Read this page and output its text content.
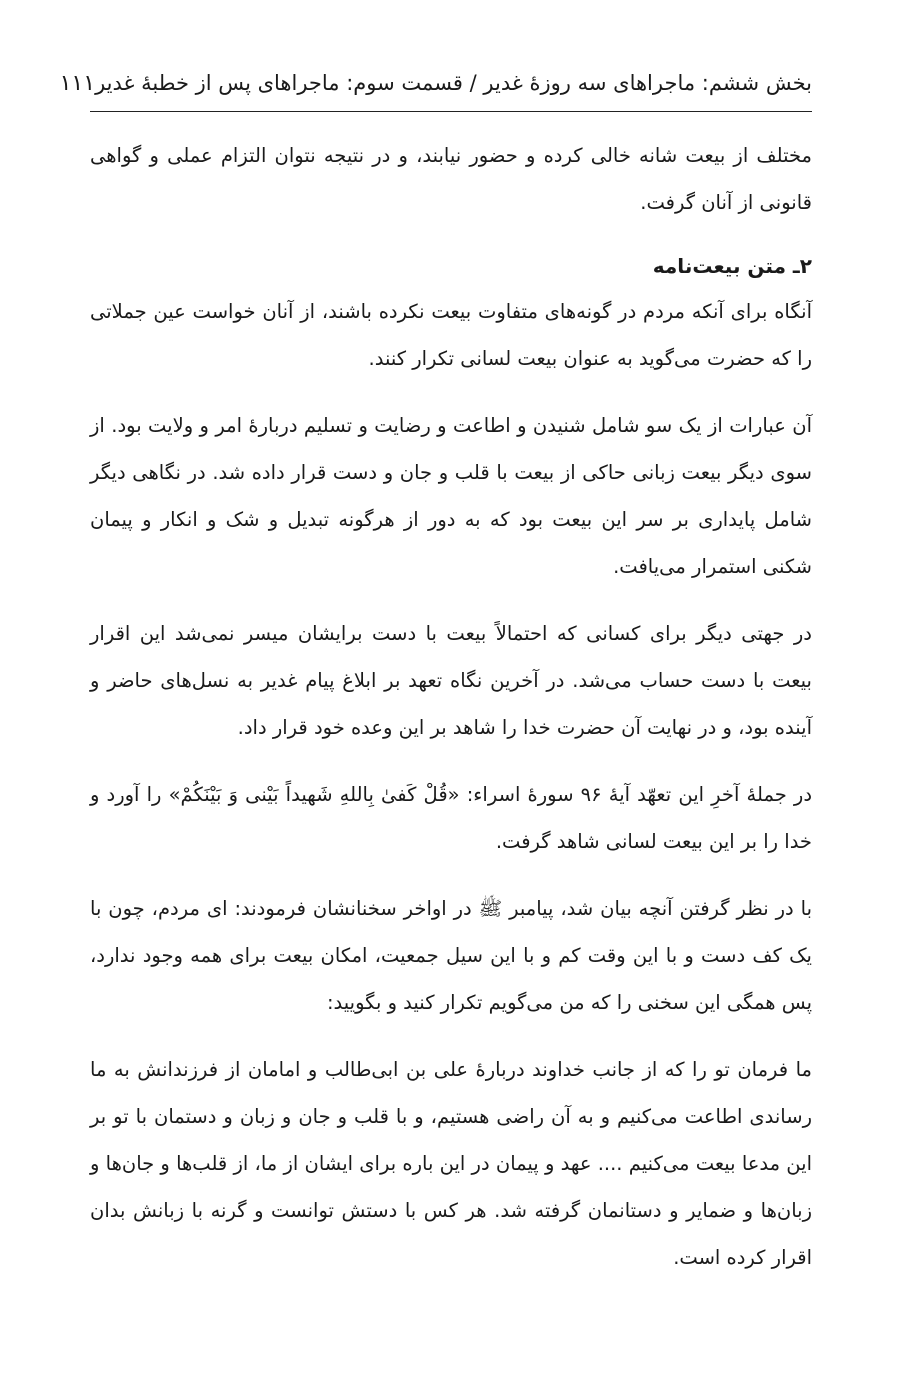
بخش ششم: ماجراهای سه روزهٔ غدیر / قسمت سوم: ماجراهای پس از خطبهٔ غدیر
۱۱۱

مختلف از بیعت شانه خالی کرده و حضور نیابند، و در نتیجه نتوان التزام عملی و گواهی قانونی از آنان گرفت.

۲ـ متن بیعت‌نامه

آنگاه برای آنکه مردم در گونه‌های متفاوت بیعت نکرده باشند، از آنان خواست عین جملاتی را که حضرت می‌گوید به عنوان بیعت لسانی تکرار کنند.

آن عبارات از یک سو شامل شنیدن و اطاعت و رضایت و تسلیم دربارهٔ امر و ولایت بود. از سوی دیگر بیعت زبانی حاکی از بیعت با قلب و جان و دست قرار داده شد. در نگاهی دیگر شامل پایداری بر سر این بیعت بود که به دور از هرگونه تبدیل و شک و انکار و پیمان شکنی استمرار می‌یافت.

در جهتی دیگر برای کسانی که احتمالاً بیعت با دست برایشان میسر نمی‌شد این اقرار بیعت با دست حساب می‌شد. در آخرین نگاه تعهد بر ابلاغ پیام غدیر به نسل‌های حاضر و آینده بود، و در نهایت آن حضرت خدا را شاهد بر این وعده خود قرار داد.

در جملهٔ آخرِ این تعهّد آیهٔ ۹۶ سورهٔ اسراء: «قُلْ كَفىٰ بِاللهِ شَهيداً بَيْنى وَ بَيْنَكُمْ» را آورد و خدا را بر این بیعت لسانی شاهد گرفت.

با در نظر گرفتن آنچه بیان شد، پیامبر ﷺ در اواخر سخنانشان فرمودند: ای مردم، چون با یک کف دست و با این وقت کم و با این سیل جمعیت، امکان بیعت برای همه وجود ندارد، پس همگی این سخنی را که من می‌گویم تکرار کنید و بگویید:

ما فرمان تو را که از جانب خداوند دربارهٔ علی بن ابی‌طالب و امامان از فرزندانش به ما رساندی اطاعت می‌کنیم و به آن راضی هستیم، و با قلب و جان و زبان و دستمان با تو بر این مدعا بیعت می‌کنیم .... عهد و پیمان در این باره برای ایشان از ما، از قلب‌ها و جان‌ها و زبان‌ها و ضمایر و دستانمان گرفته شد. هر کس با دستش توانست و گرنه با زبانش بدان اقرار کرده است.
